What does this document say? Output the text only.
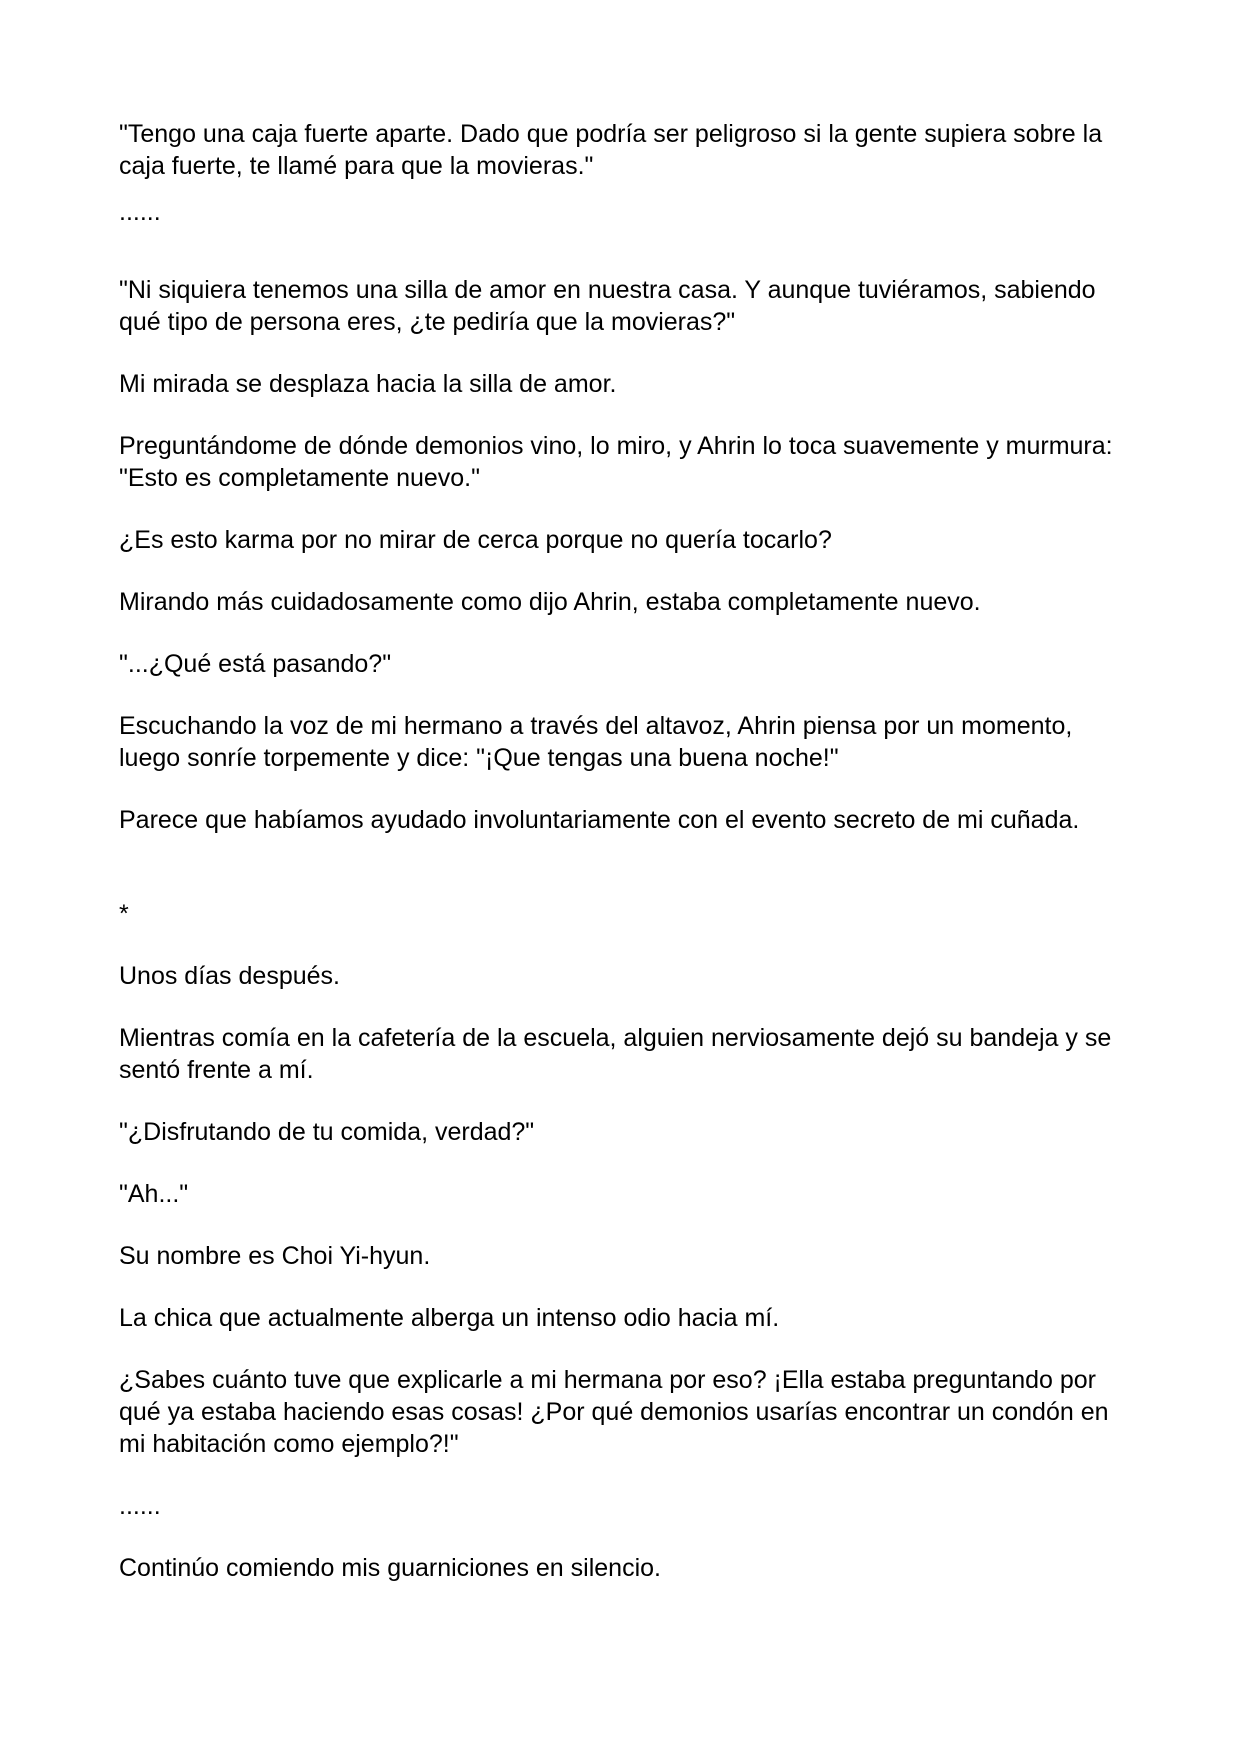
"Tengo una caja fuerte aparte. Dado que podría ser peligroso si la gente supiera sobre la caja fuerte, te llamé para que la movieras."

......

"Ni siquiera tenemos una silla de amor en nuestra casa. Y aunque tuviéramos, sabiendo qué tipo de persona eres, ¿te pediría que la movieras?"

Mi mirada se desplaza hacia la silla de amor.

Preguntándome de dónde demonios vino, lo miro, y Ahrin lo toca suavemente y murmura: "Esto es completamente nuevo."

¿Es esto karma por no mirar de cerca porque no quería tocarlo?

Mirando más cuidadosamente como dijo Ahrin, estaba completamente nuevo.

"...¿Qué está pasando?"

Escuchando la voz de mi hermano a través del altavoz, Ahrin piensa por un momento, luego sonríe torpemente y dice: "¡Que tengas una buena noche!"

Parece que habíamos ayudado involuntariamente con el evento secreto de mi cuñada.

*

Unos días después.

Mientras comía en la cafetería de la escuela, alguien nerviosamente dejó su bandeja y se sentó frente a mí.

"¿Disfrutando de tu comida, verdad?"

"Ah..."

Su nombre es Choi Yi-hyun.

La chica que actualmente alberga un intenso odio hacia mí.

¿Sabes cuánto tuve que explicarle a mi hermana por eso? ¡Ella estaba preguntando por qué ya estaba haciendo esas cosas! ¿Por qué demonios usarías encontrar un condón en mi habitación como ejemplo?!"

......

Continúo comiendo mis guarniciones en silencio.
